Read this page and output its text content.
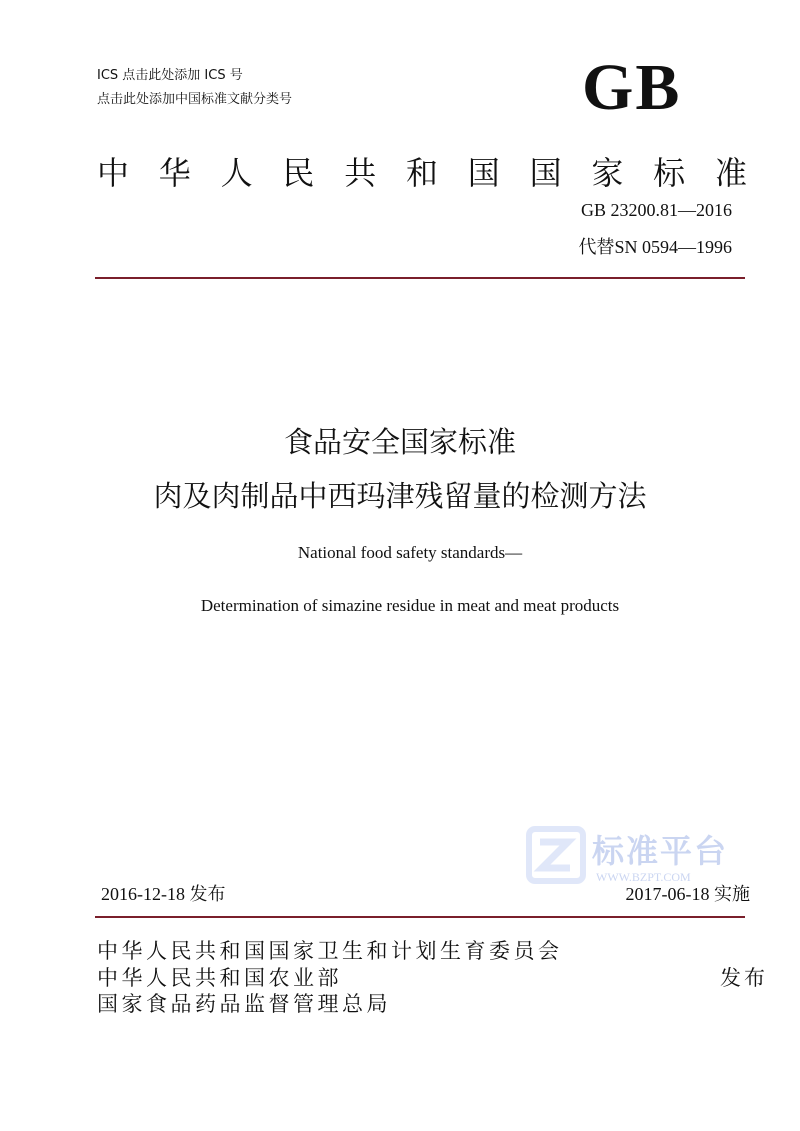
ICS 点击此处添加 ICS 号
点击此处添加中国标准文献分类号	GB
中 华 人 民 共 和 国 国 家 标 准
GB 23200.81—2016
代替SN 0594—1996
食品安全国家标准
肉及肉制品中西玛津残留量的检测方法
National food safety standards—
Determination of simazine residue in meat and meat products
标准平台
WWW.BZPT.COM
2016-12-18 发布	2017-06-18 实施
中华人民共和国国家卫生和计划生育委员会
中华人民共和国农业部
国家食品药品监督管理总局
发布
